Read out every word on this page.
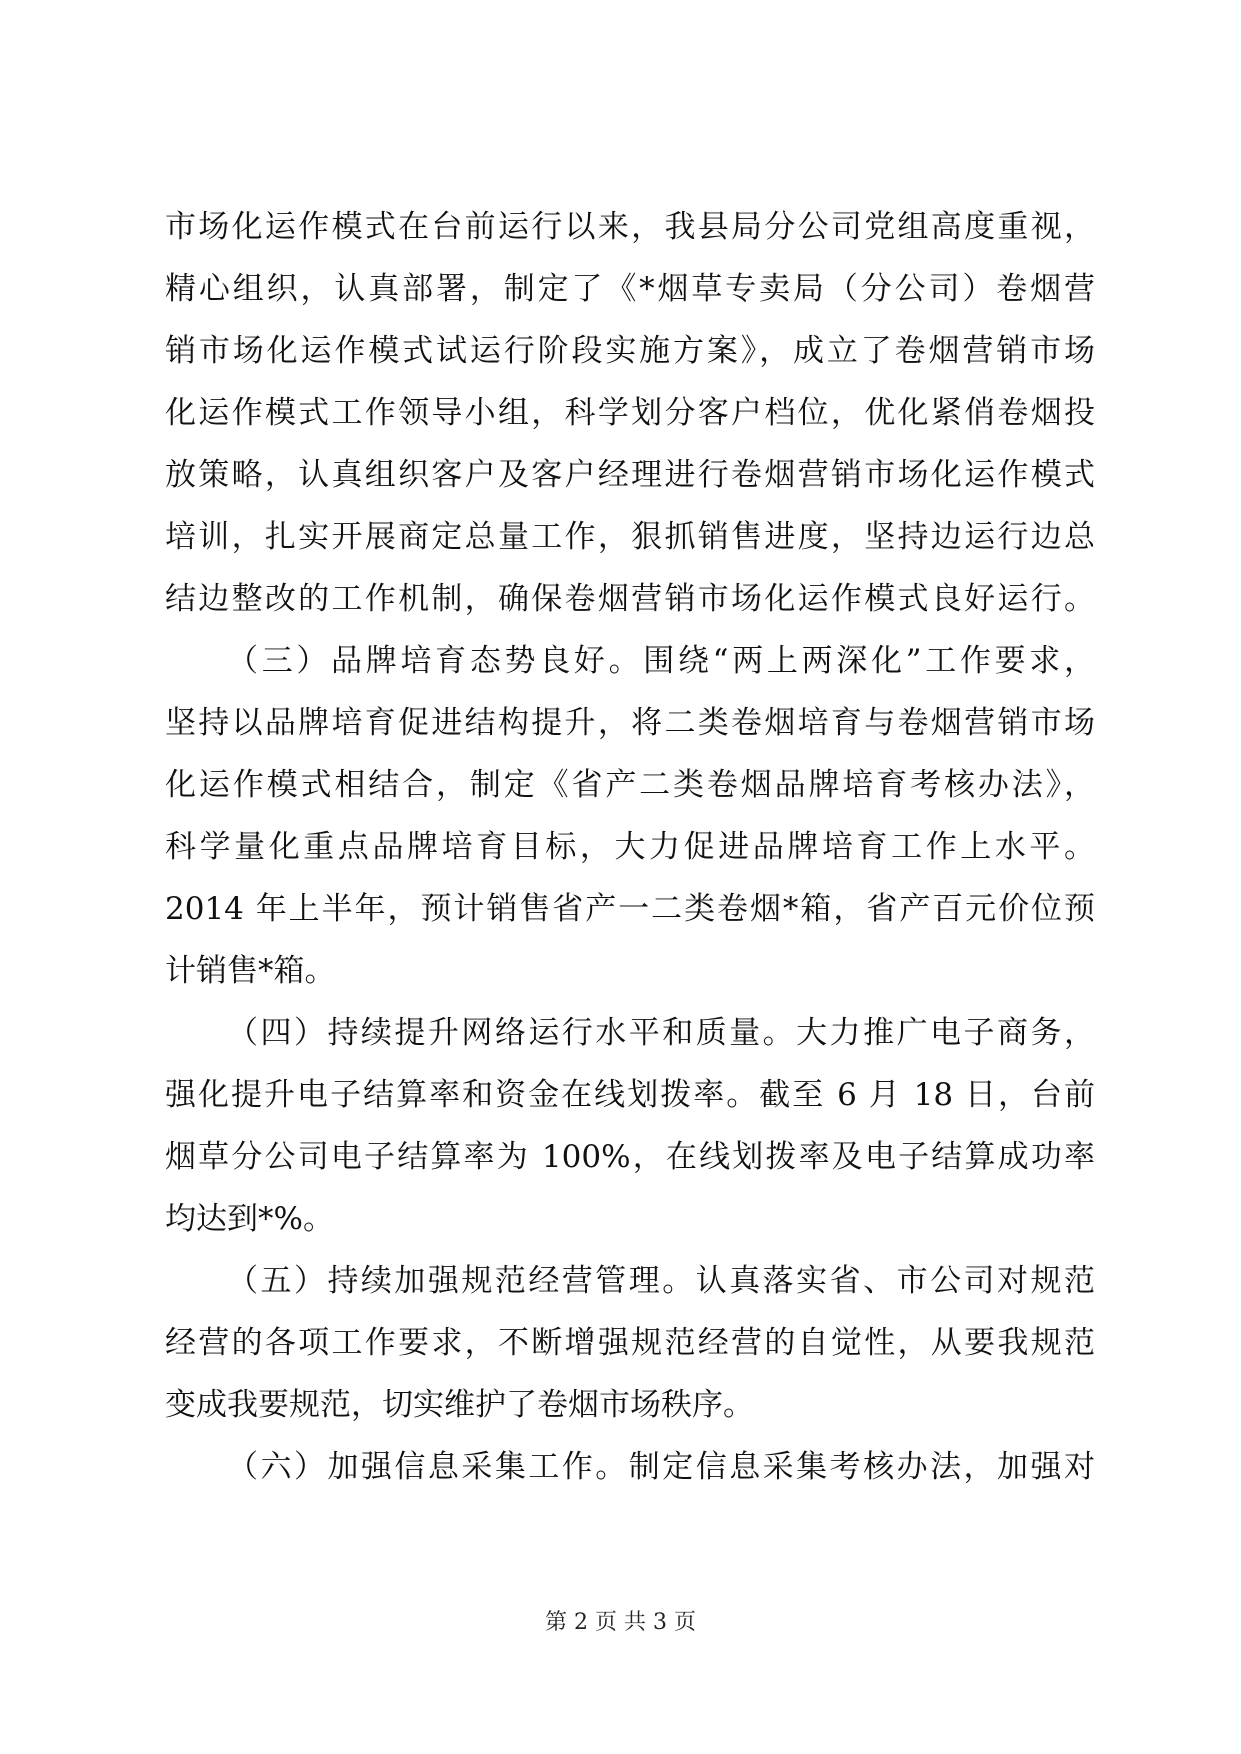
市场化运作模式在台前运行以来，我县局分公司党组高度重视，
精心组织，认真部署，制定了《*烟草专卖局（分公司）卷烟营
销市场化运作模式试运行阶段实施方案》，成立了卷烟营销市场
化运作模式工作领导小组，科学划分客户档位，优化紧俏卷烟投
放策略，认真组织客户及客户经理进行卷烟营销市场化运作模式
培训，扎实开展商定总量工作，狠抓销售进度，坚持边运行边总
结边整改的工作机制，确保卷烟营销市场化运作模式良好运行。
（三）品牌培育态势良好。围绕“两上两深化”工作要求，
坚持以品牌培育促进结构提升，将二类卷烟培育与卷烟营销市场
化运作模式相结合，制定《省产二类卷烟品牌培育考核办法》，
科学量化重点品牌培育目标，大力促进品牌培育工作上水平。
2014 年上半年，预计销售省产一二类卷烟*箱，省产百元价位预
计销售*箱。
（四）持续提升网络运行水平和质量。大力推广电子商务，
强化提升电子结算率和资金在线划拨率。截至 6 月 18 日，台前
烟草分公司电子结算率为 100%，在线划拨率及电子结算成功率
均达到*%。
（五）持续加强规范经营管理。认真落实省、市公司对规范
经营的各项工作要求，不断增强规范经营的自觉性，从要我规范
变成我要规范，切实维护了卷烟市场秩序。
（六）加强信息采集工作。制定信息采集考核办法，加强对
第 2 页 共 3 页
